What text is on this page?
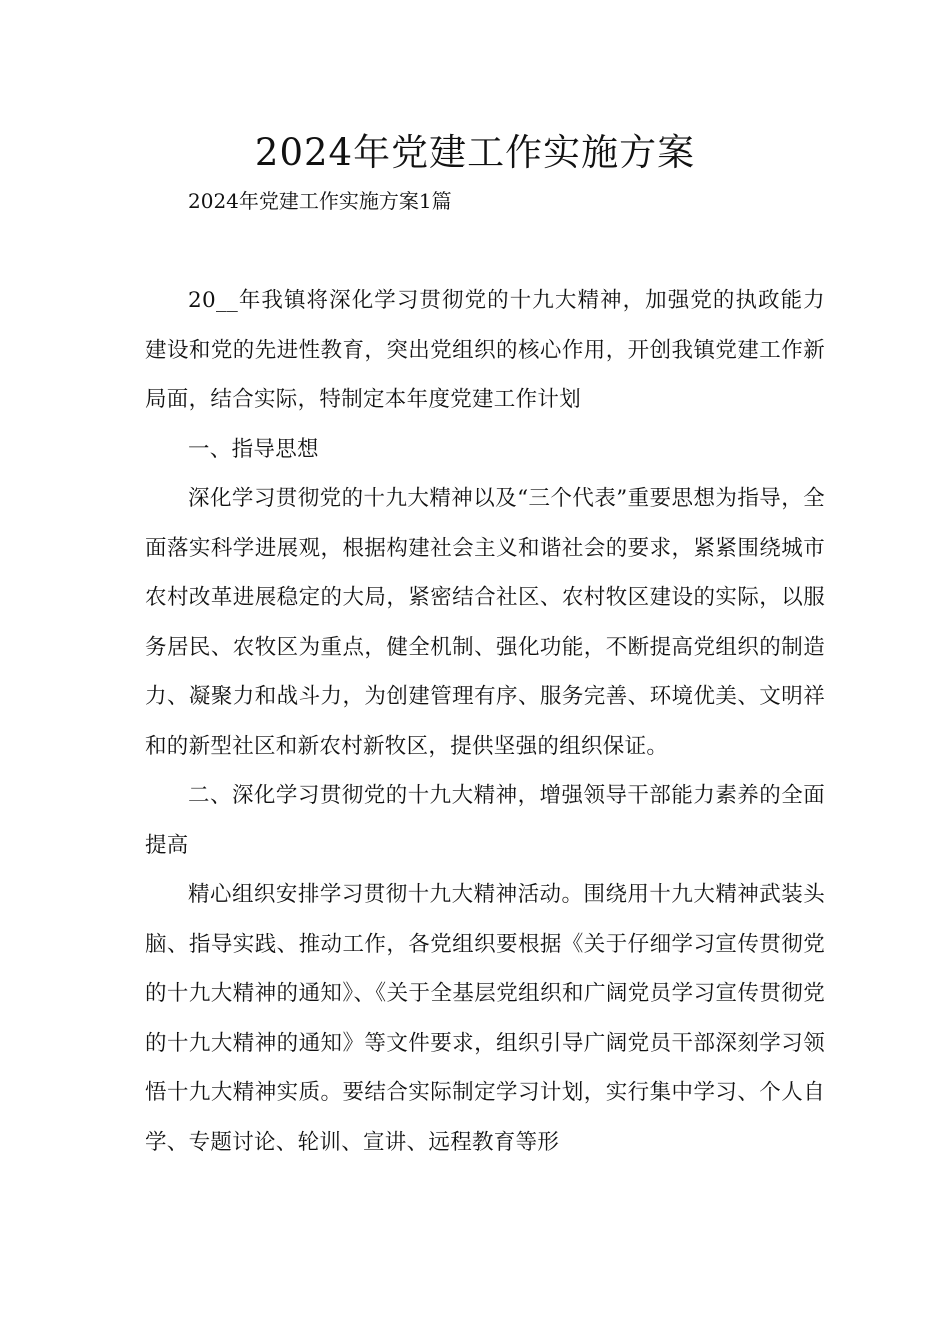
2024年党建工作实施方案

2024年党建工作实施方案1篇

20__年我镇将深化学习贯彻党的十九大精神，加强党的执政能力建设和党的先进性教育，突出党组织的核心作用，开创我镇党建工作新局面，结合实际，特制定本年度党建工作计划

一、指导思想

深化学习贯彻党的十九大精神以及“三个代表”重要思想为指导，全面落实科学进展观，根据构建社会主义和谐社会的要求，紧紧围绕城市农村改革进展稳定的大局，紧密结合社区、农村牧区建设的实际，以服务居民、农牧区为重点，健全机制、强化功能，不断提高党组织的制造力、凝聚力和战斗力，为创建管理有序、服务完善、环境优美、文明祥和的新型社区和新农村新牧区，提供坚强的组织保证。

二、深化学习贯彻党的十九大精神，增强领导干部能力素养的全面提高

精心组织安排学习贯彻十九大精神活动。围绕用十九大精神武装头脑、指导实践、推动工作，各党组织要根据《关于仔细学习宣传贯彻党的十九大精神的通知》、《关于全基层党组织和广阔党员学习宣传贯彻党的十九大精神的通知》等文件要求，组织引导广阔党员干部深刻学习领悟十九大精神实质。要结合实际制定学习计划，实行集中学习、个人自学、专题讨论、轮训、宣讲、远程教育等形
